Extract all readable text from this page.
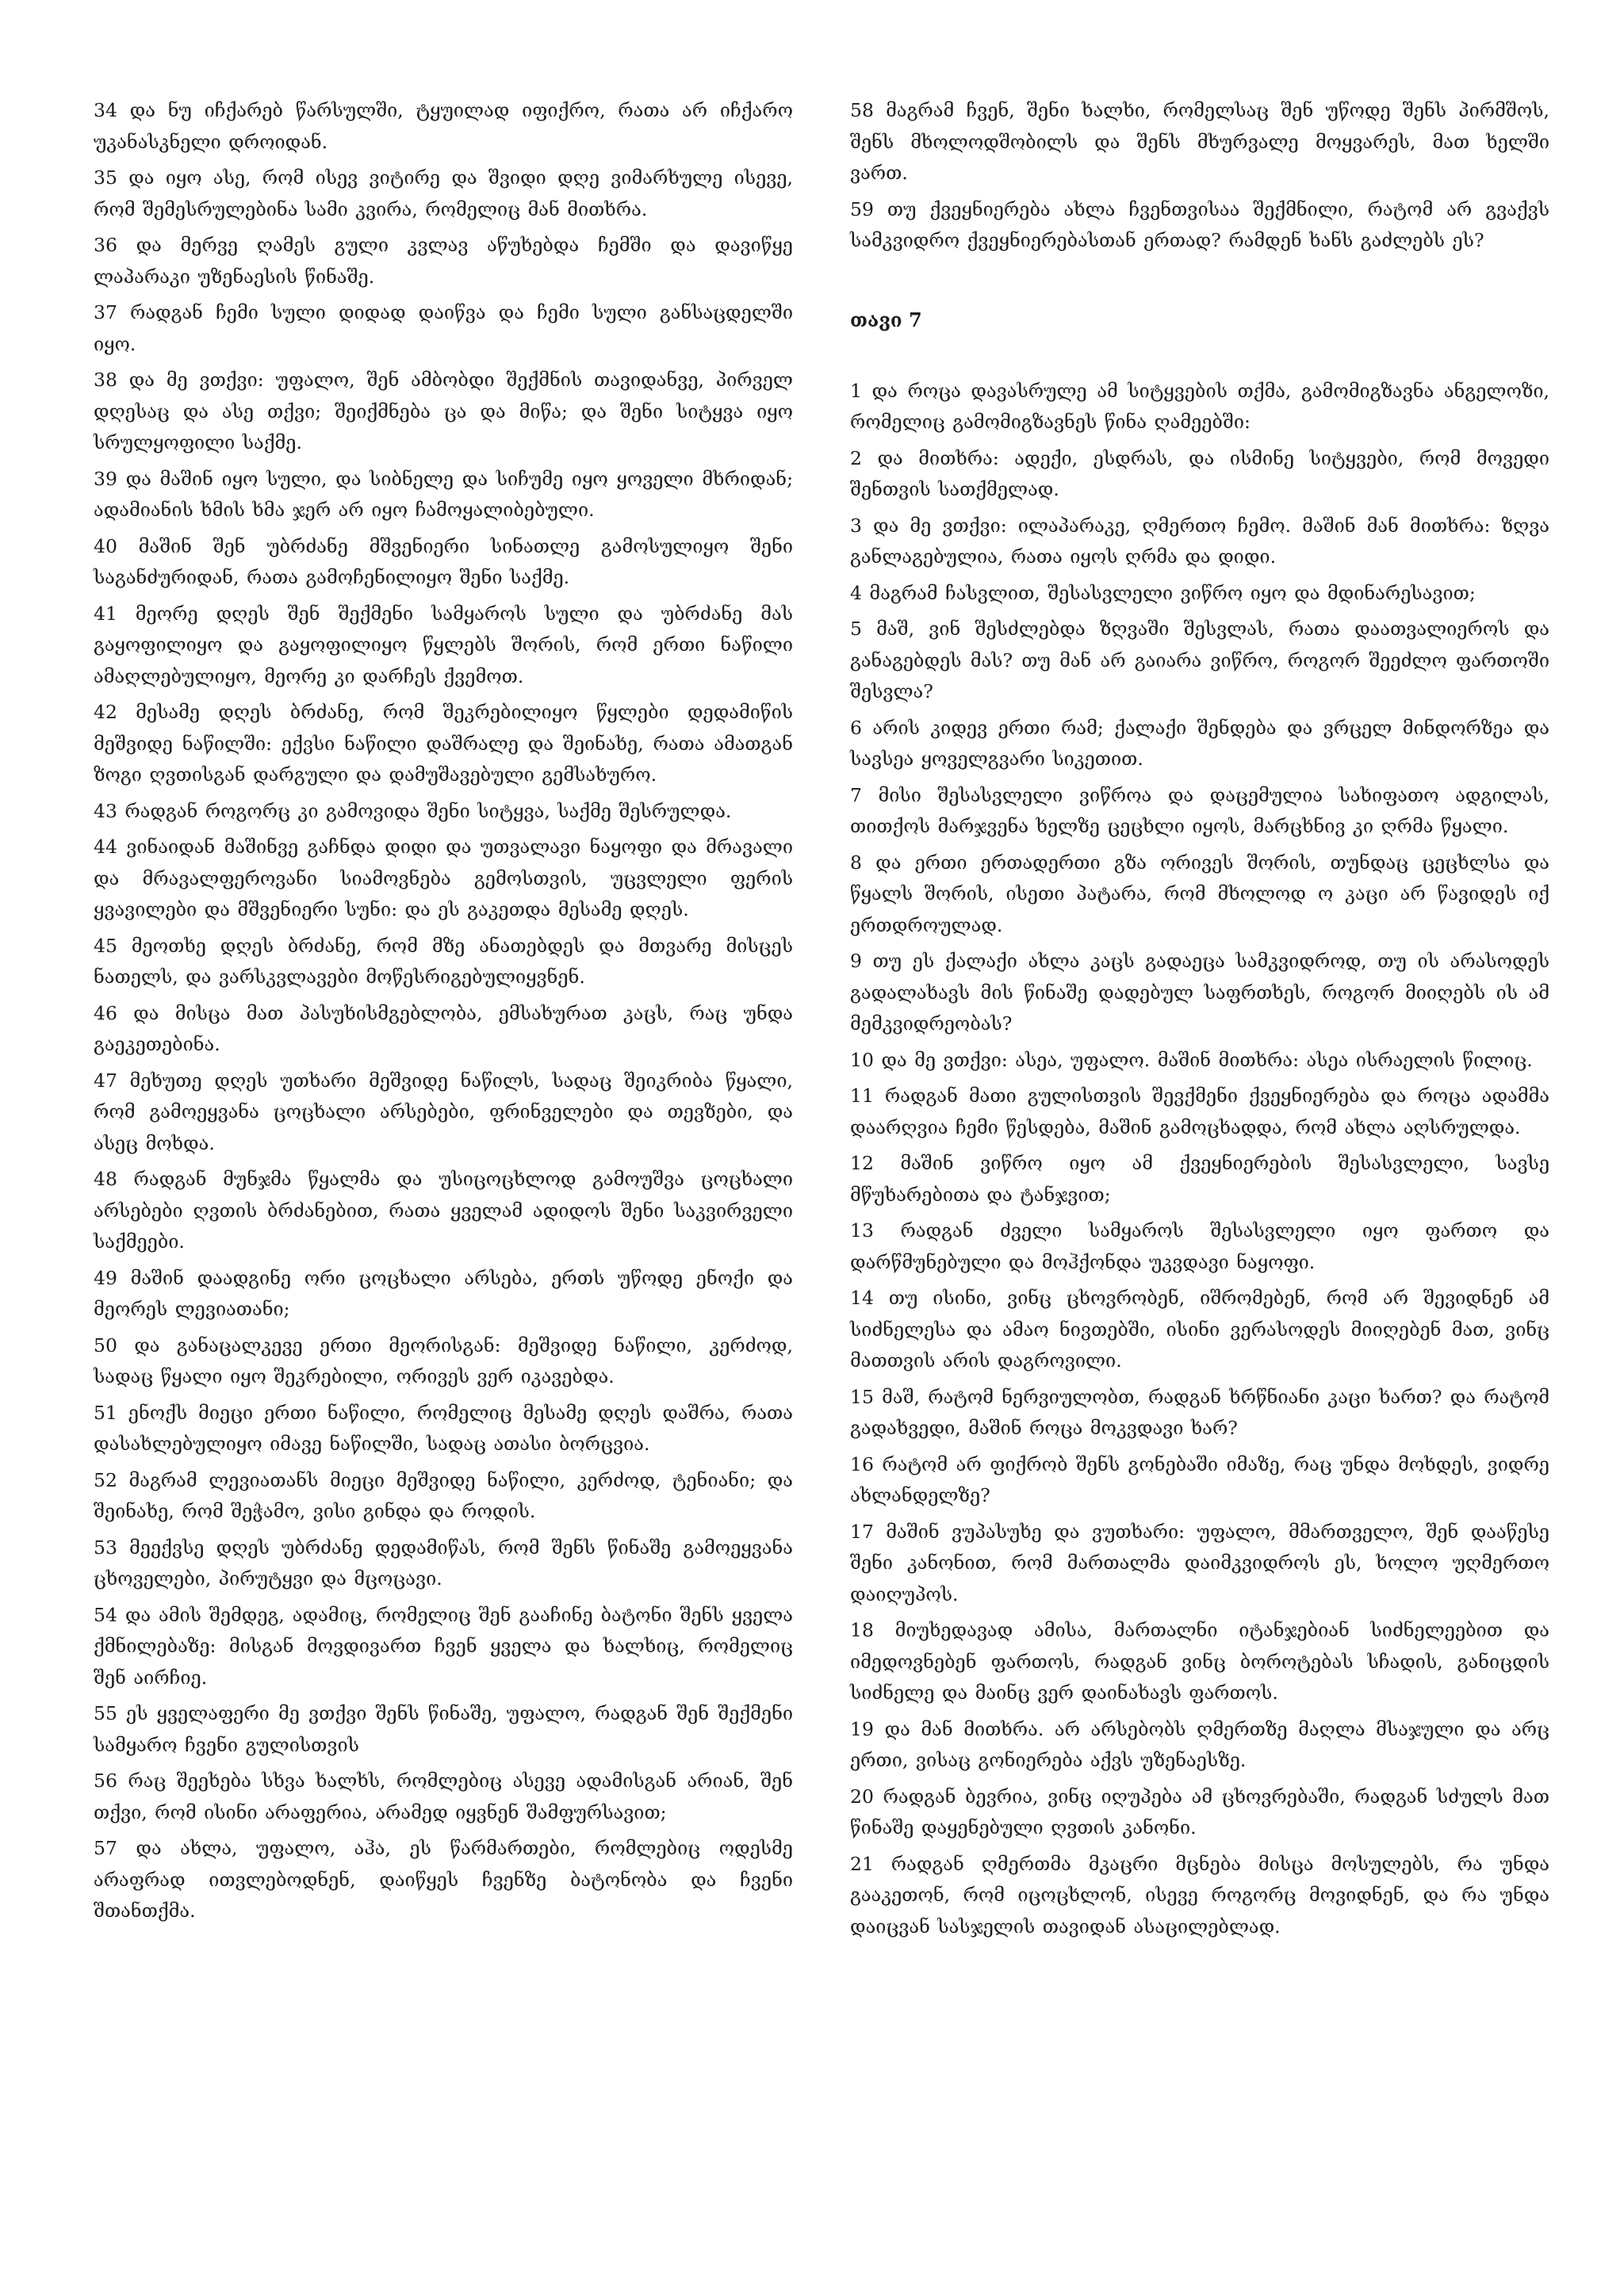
34 და ნუ იჩქარებ წარსულში, ტყუილად იფიქრო, რათა არ იჩქარო უკანასკნელი დროიდან.

35 და იყო ასე, რომ ისევ ვიტირე და შვიდი დღე ვიმარხულე ისევე, რომ შემესრულებინა სამი კვირა, რომელიც მან მითხრა.

36 და მერვე ღამეს გული კვლავ აწუხებდა ჩემში და დავიწყე ლაპარაკი უზენაესის წინაშე.

37 რადგან ჩემი სული დიდად დაიწვა და ჩემი სული განსაცდელში იყო.

38 და მე ვთქვი: უფალო, შენ ამბობდი შექმნის თავიდანვე, პირველ დღესაც და ასე თქვი; შეიქმნება ცა და მიწა; და შენი სიტყვა იყო სრულყოფილი საქმე.

39 და მაშინ იყო სული, და სიბნელე და სიჩუმე იყო ყოველი მხრიდან; ადამიანის ხმის ხმა ჯერ არ იყო ჩამოყალიბებული.

40 მაშინ შენ უბრძანე მშვენიერი სინათლე გამოსულიყო შენი საგანძურიდან, რათა გამოჩენილიყო შენი საქმე.

41 მეორე დღეს შენ შექმენი სამყაროს სული და უბრძანე მას გაყოფილიყო და გაყოფილიყო წყლებს შორის, რომ ერთი ნაწილი ამაღლებულიყო, მეორე კი დარჩეს ქვემოთ.

42 მესამე დღეს ბრძანე, რომ შეკრებილიყო წყლები დედამიწის მეშვიდე ნაწილში: ექვსი ნაწილი დაშრალე და შეინახე, რათა ამათგან ზოგი ღვთისგან დარგული და დამუშავებული გემსახურო.

43 რადგან როგორც კი გამოვიდა შენი სიტყვა, საქმე შესრულდა.

44 ვინაიდან მაშინვე გაჩნდა დიდი და უთვალავი ნაყოფი და მრავალი და მრავალფეროვანი სიამოვნება გემოსთვის, უცვლელი ფერის ყვავილები და მშვენიერი სუნი: და ეს გაკეთდა მესამე დღეს.

45 მეოთხე დღეს ბრძანე, რომ მზე ანათებდეს და მთვარე მისცეს ნათელს, და ვარსკვლავები მოწესრიგებულიყვნენ.

46 და მისცა მათ პასუხისმგებლობა, ემსახურათ კაცს, რაც უნდა გაეკეთებინა.

47 მეხუთე დღეს უთხარი მეშვიდე ნაწილს, სადაც შეიკრიბა წყალი, რომ გამოეყვანა ცოცხალი არსებები, ფრინველები და თევზები, და ასეც მოხდა.

48 რადგან მუნჯმა წყალმა და უსიცოცხლოდ გამოუშვა ცოცხალი არსებები ღვთის ბრძანებით, რათა ყველამ ადიდოს შენი საკვირველი საქმეები.

49 მაშინ დაადგინე ორი ცოცხალი არსება, ერთს უწოდე ენოქი და მეორეს ლევიათანი;

50 და განაცალკევე ერთი მეორისგან: მეშვიდე ნაწილი, კერძოდ, სადაც წყალი იყო შეკრებილი, ორივეს ვერ იკავებდა.

51 ენოქს მიეცი ერთი ნაწილი, რომელიც მესამე დღეს დაშრა, რათა დასახლებულიყო იმავე ნაწილში, სადაც ათასი ბორცვია.

52 მაგრამ ლევიათანს მიეცი მეშვიდე ნაწილი, კერძოდ, ტენიანი; და შეინახე, რომ შეჭამო, ვისი გინდა და როდის.

53 მეექვსე დღეს უბრძანე დედამიწას, რომ შენს წინაშე გამოეყვანა ცხოველები, პირუტყვი და მცოცავი.

54 და ამის შემდეგ, ადამიც, რომელიც შენ გააჩინე ბატონი შენს ყველა ქმნილებაზე: მისგან მოვდივართ ჩვენ ყველა და ხალხიც, რომელიც შენ აირჩიე.

55 ეს ყველაფერი მე ვთქვი შენს წინაშე, უფალო, რადგან შენ შექმენი სამყარო ჩვენი გულისთვის

56 რაც შეეხება სხვა ხალხს, რომლებიც ასევე ადამისგან არიან, შენ თქვი, რომ ისინი არაფერია, არამედ იყვნენ შამფურსავით;

57 და ახლა, უფალო, აჰა, ეს წარმართები, რომლებიც ოდესმე არაფრად ითვლებოდნენ, დაიწყეს ჩვენზე ბატონობა და ჩვენი შთანთქმა.

58 მაგრამ ჩვენ, შენი ხალხი, რომელსაც შენ უწოდე შენს პირმშოს, შენს მხოლოდშობილს და შენს მხურვალე მოყვარეს, მათ ხელში ვართ.

59 თუ ქვეყნიერება ახლა ჩვენთვისაა შექმნილი, რატომ არ გვაქვს სამკვიდრო ქვეყნიერებასთან ერთად? რამდენ ხანს გაძლებს ეს?

თავი 7

1 და როცა დავასრულე ამ სიტყვების თქმა, გამომიგზავნა ანგელოზი, რომელიც გამომიგზავნეს წინა ღამეებში:

2 და მითხრა: ადექი, ესდრას, და ისმინე სიტყვები, რომ მოვედი შენთვის სათქმელად.

3 და მე ვთქვი: ილაპარაკე, ღმერთო ჩემო. მაშინ მან მითხრა: ზღვა განლაგებულია, რათა იყოს ღრმა და დიდი.

4 მაგრამ ჩასვლით, შესასვლელი ვიწრო იყო და მდინარესავით;

5 მაშ, ვინ შესძლებდა ზღვაში შესვლას, რათა დაათვალიეროს და განაგებდეს მას? თუ მან არ გაიარა ვიწრო, როგორ შეეძლო ფართოში შესვლა?

6 არის კიდევ ერთი რამ; ქალაქი შენდება და ვრცელ მინდორზეა და სავსეა ყოველგვარი სიკეთით.

7 მისი შესასვლელი ვიწროა და დაცემულია სახიფათო ადგილას, თითქოს მარჯვენა ხელზე ცეცხლი იყოს, მარცხნივ კი ღრმა წყალი.

8 და ერთი ერთადერთი გზა ორივეს შორის, თუნდაც ცეცხლსა და წყალს შორის, ისეთი პატარა, რომ მხოლოდ ო კაცი არ წავიდეს იქ ერთდროულად.

9 თუ ეს ქალაქი ახლა კაცს გადაეცა სამკვიდროდ, თუ ის არასოდეს გადალახავს მის წინაშე დადებულ საფრთხეს, როგორ მიიღებს ის ამ მემკვიდრეობას?

10 და მე ვთქვი: ასეა, უფალო. მაშინ მითხრა: ასეა ისრაელის წილიც.

11 რადგან მათი გულისთვის შევქმენი ქვეყნიერება და როცა ადამმა დაარღვია ჩემი წესდება, მაშინ გამოცხადდა, რომ ახლა აღსრულდა.

12 მაშინ ვიწრო იყო ამ ქვეყნიერების შესასვლელი, სავსე მწუხარებითა და ტანჯვით;

13 რადგან ძველი სამყაროს შესასვლელი იყო ფართო და დარწმუნებული და მოჰქონდა უკვდავი ნაყოფი.

14 თუ ისინი, ვინც ცხოვრობენ, იშრომებენ, რომ არ შევიდნენ ამ სიძნელესა და ამაო ნივთებში, ისინი ვერასოდეს მიიღებენ მათ, ვინც მათთვის არის დაგროვილი.

15 მაშ, რატომ ნერვიულობთ, რადგან ხრწნიანი კაცი ხართ? და რატომ გადახვედი, მაშინ როცა მოკვდავი ხარ?

16 რატომ არ ფიქრობ შენს გონებაში იმაზე, რაც უნდა მოხდეს, ვიდრე ახლანდელზე?

17 მაშინ ვუპასუხე და ვუთხარი: უფალო, მმართველო, შენ დააწესე შენი კანონით, რომ მართალმა დაიმკვიდროს ეს, ხოლო უღმერთო დაიღუპოს.

18 მიუხედავად ამისა, მართალნი იტანჯებიან სიძნელეებით და იმედოვნებენ ფართოს, რადგან ვინც ბოროტებას სჩადის, განიცდის სიძნელე და მაინც ვერ დაინახავს ფართოს.

19 და მან მითხრა. არ არსებობს ღმერთზე მაღლა მსაჯული და არც ერთი, ვისაც გონიერება აქვს უზენაესზე.

20 რადგან ბევრია, ვინც იღუპება ამ ცხოვრებაში, რადგან სძულს მათ წინაშე დაყენებული ღვთის კანონი.

21 რადგან ღმერთმა მკაცრი მცნება მისცა მოსულებს, რა უნდა გააკეთონ, რომ იცოცხლონ, ისევე როგორც მოვიდნენ, და რა უნდა დაიცვან სასჯელის თავიდან ასაცილებლად.
